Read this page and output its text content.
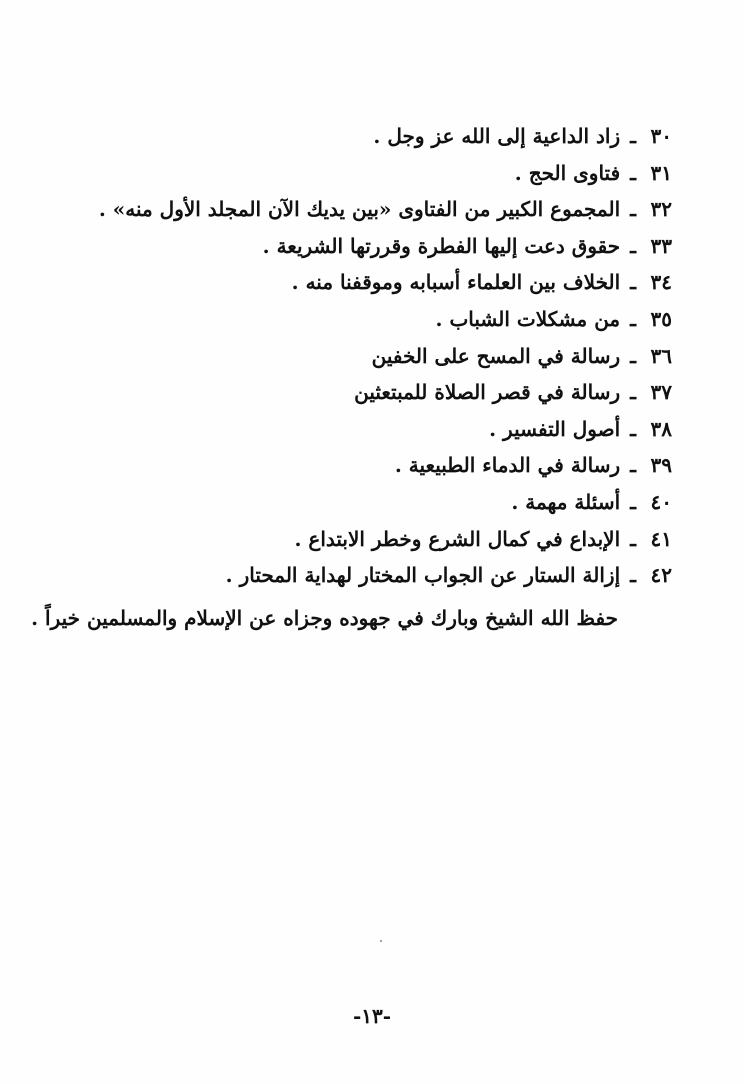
٣٠ـزاد الداعية إلى الله عز وجل .
٣١ـفتاوى الحج .
٣٢ـالمجموع الكبير من الفتاوى «بين يديك الآن المجلد الأول منه» .
٣٣ـحقوق دعت إليها الفطرة وقررتها الشريعة .
٣٤ـالخلاف بين العلماء أسبابه وموقفنا منه .
٣٥ـمن مشكلات الشباب .
٣٦ـرسالة في المسح على الخفين
٣٧ـرسالة في قصر الصلاة للمبتعثين
٣٨ـأصول التفسير .
٣٩ـرسالة في الدماء الطبيعية .
٤٠ـأسئلة مهمة .
٤١ـالإبداع في كمال الشرع وخطر الابتداع .
٤٢ـإزالة الستار عن الجواب المختار لهداية المحتار .
حفظ الله الشيخ وبارك في جهوده وجزاه عن الإسلام والمسلمين خيراً .
-١٣-
